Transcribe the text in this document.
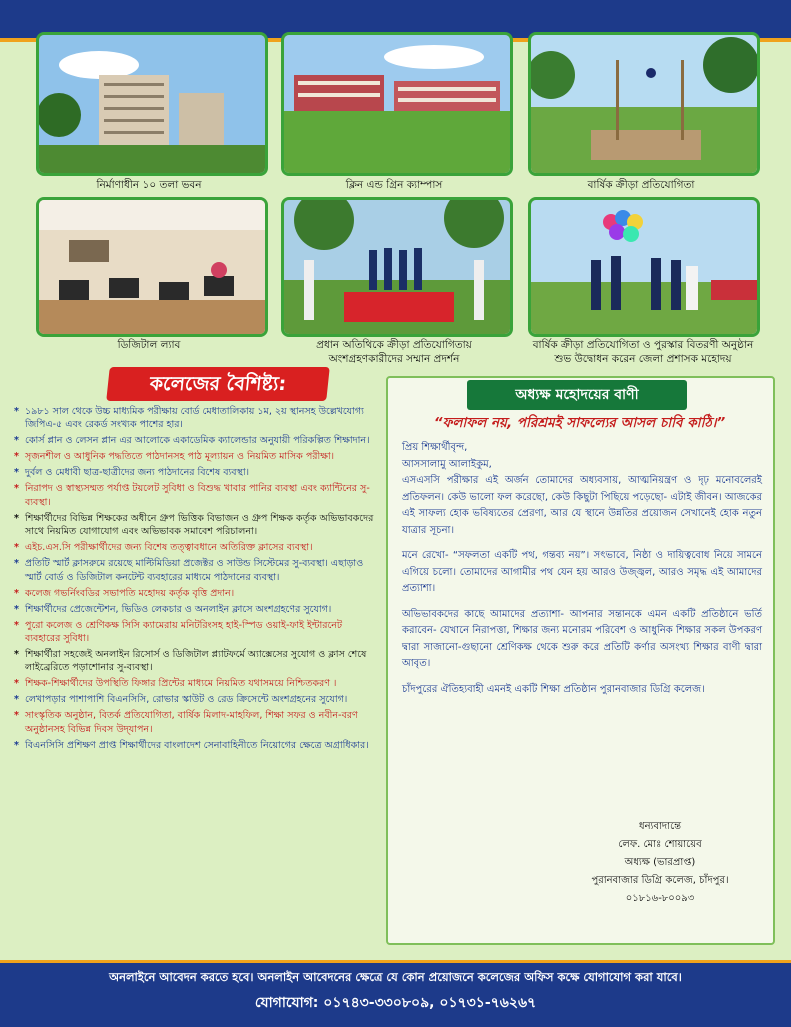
নির্মাণাধীন ১০ তলা ভবন	ক্লিন এন্ড গ্রিন ক্যাম্পাস	বার্ষিক ক্রীড়া প্রতিযোগিতা
ডিজিটাল ল্যাব	প্রধান অতিথিকে ক্রীড়া প্রতিযোগিতায়
অংশগ্রহণকারীদের সম্মান প্রদর্শন
বার্ষিক ক্রীড়া প্রতিযোগিতা ও পুরস্কার বিতরণী অনুষ্ঠান
শুভ উদ্বোধন করেন জেলা প্রশাসক মহোদয়
কলেজের বৈশিষ্ট্য:
* ১৯৮১ সাল থেকে উচ্চ মাধ্যমিক পরীক্ষায় বোর্ড মেধাতালিকায় ১ম, ২য় স্থানসহ উল্লেখযোগ্য জিপিএ-৫ এবং রেকর্ড সংখ্যক পাশের হার।
* কোর্স প্লান ও লেসন প্লান এর আলোকে একাডেমিক ক্যালেন্ডার অনুযায়ী পরিকল্পিত শিক্ষাদান।
* সৃজনশীল ও আধুনিক পদ্ধতিতে পাঠদানসহ পাঠ মূল্যায়ন ও নিয়মিত মাসিক পরীক্ষা।
* দুর্বল ও মেধাবী ছাত্র-ছাত্রীদের জন্য পাঠদানের বিশেষ ব্যবস্থা।
* নিরাপদ ও স্বাস্থ্যসম্মত পর্যাপ্ত টয়লেট সুবিধা ও বিশুদ্ধ খাবার পানির ব্যবস্থা এবং ক্যান্টিনের সু-ব্যবস্থা।
* শিক্ষার্থীদের বিভিন্ন শিক্ষকের অধীনে গ্রুপ ভিত্তিক বিভাজন ও গ্রুপ শিক্ষক কর্তৃক অভিভাবকদের সাথে নিয়মিত যোগাযোগ এবং অভিভাবক সমাবেশ পরিচালনা।
* এইচ.এস.সি পরীক্ষার্থীদের জন্য বিশেষ তত্ত্বাবধানে অতিরিক্ত ক্লাসের ব্যবস্থা।
* প্রতিটি স্মার্ট ক্লাসরুমে রয়েছে মাল্টিমিডিয়া প্রজেক্টর ও সাউন্ড সিস্টেমের সু-ব্যবস্থা। এছাড়াও স্মার্ট বোর্ড ও ডিজিটাল কনটেন্ট ব্যবহারের মাধ্যমে পাঠদানের ব্যবস্থা।
* কলেজ গভর্নিংবডির সভাপতি মহোদয় কর্তৃক বৃত্তি প্রদান।
* শিক্ষার্থীদের প্রেজেন্টেশন, ভিডিও লেকচার ও অনলাইন ক্লাসে অংশগ্রহণের সুযোগ।
* পুরো কলেজ ও শ্রেণিকক্ষ সিসি ক্যামেরায় মনিটরিংসহ হাই-স্পিড ওয়াই-ফাই ইন্টারনেট ব্যবহারের সুবিধা।
* শিক্ষার্থীরা সহজেই অনলাইন রিসোর্স ও ডিজিটাল প্ল্যাটফর্মে অ্যাক্সেসের সুযোগ ও ক্লাস শেষে লাইব্রেরিতে পড়াশোনার সু-ব্যবস্থা।
* শিক্ষক-শিক্ষার্থীদের উপস্থিতি ফিঙ্গার প্রিন্টের মাধ্যমে নিয়মিত যথাসময়ে নিশ্চিতকরণ ।
* লেখাপড়ার পাশাপাশি বিএনসিসি, রোভার স্কাউট ও রেড ক্রিসেন্টে অংশগ্রহনের সুযোগ।
* সাংস্কৃতিক অনুষ্ঠান, বিতর্ক প্রতিযোগিতা, বার্ষিক মিলাদ-মাহফিল, শিক্ষা সফর ও নবীন-বরণ অনুষ্ঠানসহ বিভিন্ন দিবস উদ্‌যাপন।
* বিএনসিসি প্রশিক্ষণ প্রাপ্ত শিক্ষার্থীদের বাংলাদেশ সেনাবাহিনীতে নিয়োগের ক্ষেত্রে অগ্রাধিকার।
অধ্যক্ষ মহোদয়ের বাণী
“ফলাফল নয়, পরিশ্রমই সাফল্যের আসল চাবি কাঠি।”
প্রিয় শিক্ষার্থীবৃন্দ,
আসসালামু আলাইকুম,

এসএসসি পরীক্ষার এই অর্জন তোমাদের অধ্যবসায়, আত্মনিয়ন্ত্রণ ও দৃঢ় মনোবলেরই প্রতিফলন। কেউ ভালো ফল করেছো, কেউ কিছুটা পিছিয়ে পড়েছো- এটাই জীবন। আজকের এই সাফল্য হোক ভবিষ্যতের প্রেরণা, আর যে স্থানে উন্নতির প্রয়োজন সেখানেই হোক নতুন যাত্রার সূচনা।

মনে রেখো- “সফলতা একটি পথ, গন্তব্য নয়”। সৎভাবে, নিষ্ঠা ও দায়িত্ববোধ নিয়ে সামনে এগিয়ে চলো। তোমাদের আগামীর পথ যেন হয় আরও উজ্জ্বল, আরও সমৃদ্ধ এই আমাদের প্রত্যাশা।

অভিভাবকদের কাছে আমাদের প্রত্যাশা- আপনার সন্তানকে এমন একটি প্রতিষ্ঠানে ভর্তি করাবেন- যেখানে নিরাপত্তা, শিক্ষার জন্য মনোরম পরিবেশ ও আধুনিক শিক্ষার সকল উপকরণ দ্বারা সাজানো-গুছানো শ্রেণিকক্ষ থেকে শুরু করে প্রতিটি কর্ণার অসংখ্য শিক্ষার বাণী দ্বারা আবৃত।

চাঁদপুরের ঐতিহ্যবাহী এমনই একটি শিক্ষা প্রতিষ্ঠান পুরানবাজার ডিগ্রি কলেজ।

ধন্যবাদান্তে
লেফ. মোঃ শোয়ায়েব
অধ্যক্ষ (ভারপ্রাপ্ত)
পুরানবাজার ডিগ্রি কলেজ, চাঁদপুর।
০১৮১৬-৮০০৯৩
অনলাইনে আবেদন করতে হবে। অনলাইন আবেদনের ক্ষেত্রে যে কোন প্রয়োজনে কলেজের অফিস কক্ষে যোগাযোগ করা যাবে।
যোগাযোগ: ০১৭৪৩-৩৩০৮০৯, ০১৭৩১-৭৬২৬৭
